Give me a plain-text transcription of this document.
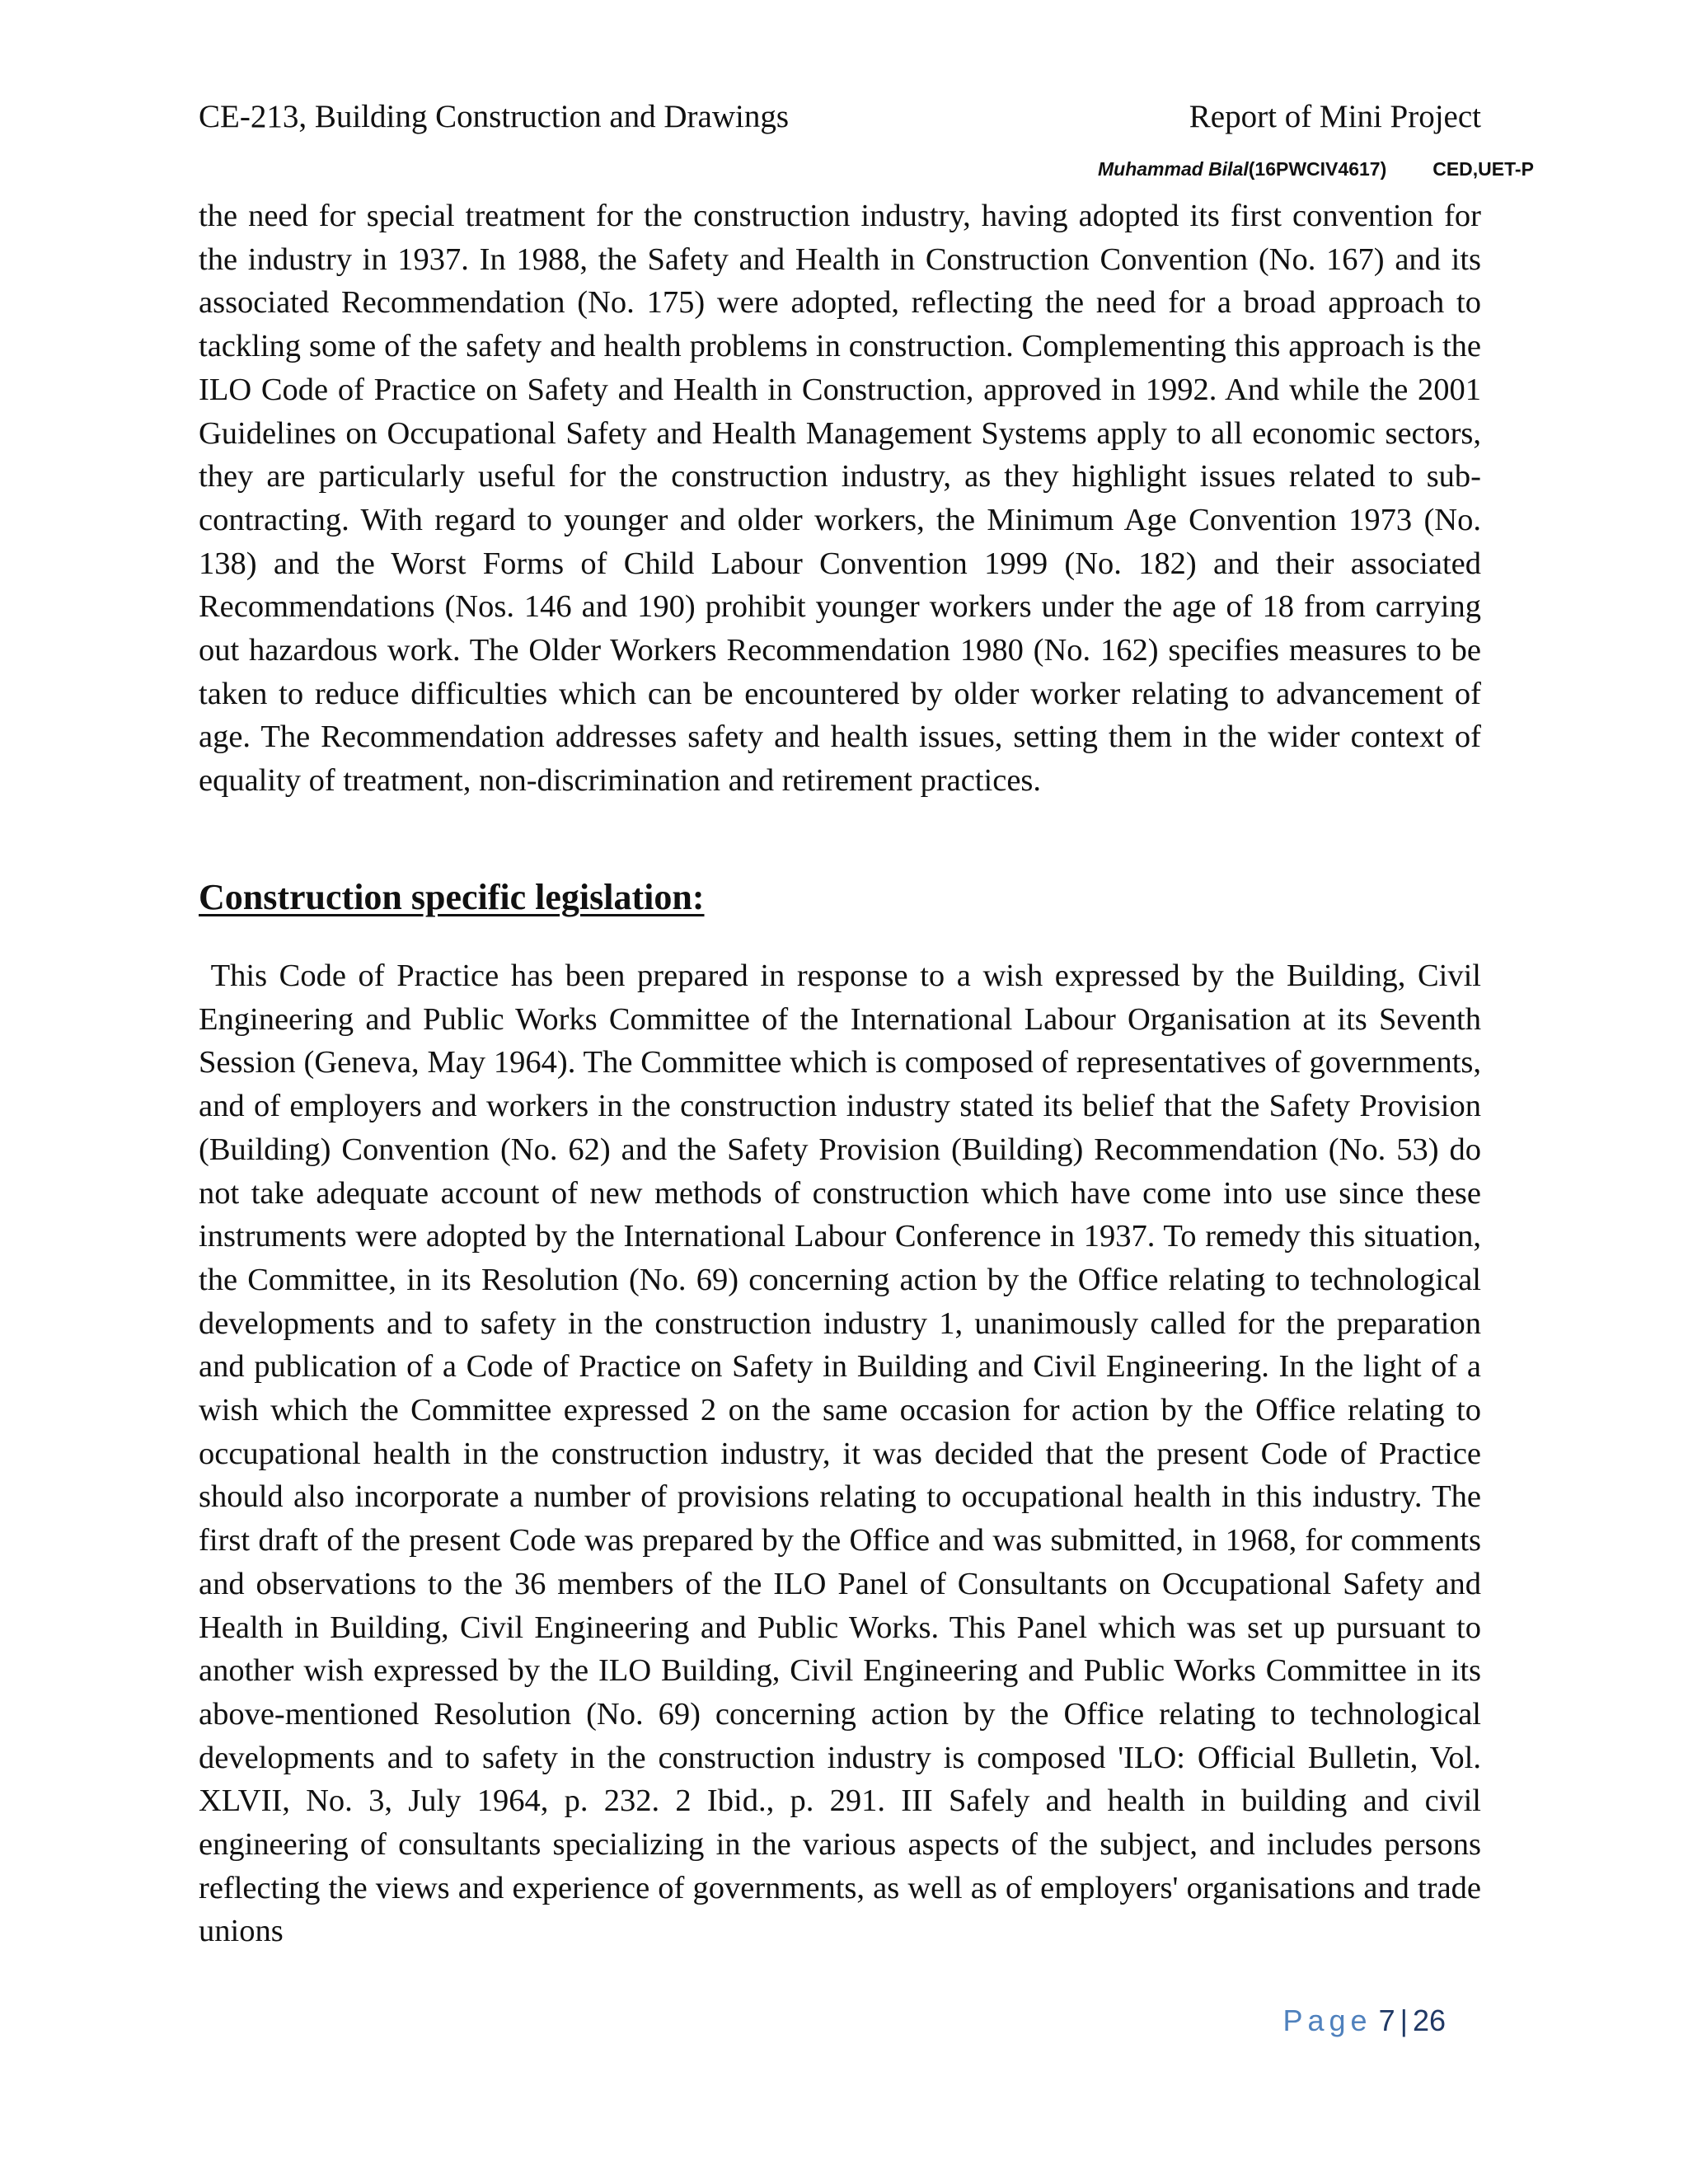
CE-213, Building Construction and Drawings	Report of Mini Project
Muhammad Bilal(16PWCIV4617) CED,UET-P

the need for special treatment for the construction industry, having adopted its first convention for the industry in 1937. In 1988, the Safety and Health in Construction Convention (No. 167) and its associated Recommendation (No. 175) were adopted, reflecting the need for a broad approach to tackling some of the safety and health problems in construction. Complementing this approach is the ILO Code of Practice on Safety and Health in Construction, approved in 1992. And while the 2001 Guidelines on Occupational Safety and Health Management Systems apply to all economic sectors, they are particularly useful for the construction industry, as they highlight issues related to sub-contracting. With regard to younger and older workers, the Minimum Age Convention 1973 (No. 138) and the Worst Forms of Child Labour Convention 1999 (No. 182) and their associated Recommendations (Nos. 146 and 190) prohibit younger workers under the age of 18 from carrying out hazardous work. The Older Workers Recommendation 1980 (No. 162) specifies measures to be taken to reduce difficulties which can be encountered by older worker relating to advancement of age. The Recommendation addresses safety and health issues, setting them in the wider context of equality of treatment, non-discrimination and retirement practices.

Construction specific legislation:

This Code of Practice has been prepared in response to a wish expressed by the Building, Civil Engineering and Public Works Committee of the International Labour Organisation at its Seventh Session (Geneva, May 1964). The Committee which is composed of representatives of governments, and of employers and workers in the construction industry stated its belief that the Safety Provision (Building) Convention (No. 62) and the Safety Provision (Building) Recommendation (No. 53) do not take adequate account of new methods of construction which have come into use since these instruments were adopted by the International Labour Conference in 1937. To remedy this situation, the Committee, in its Resolution (No. 69) concerning action by the Office relating to technological developments and to safety in the construction industry 1, unanimously called for the preparation and publication of a Code of Practice on Safety in Building and Civil Engineering. In the light of a wish which the Committee expressed 2 on the same occasion for action by the Office relating to occupational health in the construction industry, it was decided that the present Code of Practice should also incorporate a number of provisions relating to occupational health in this industry. The first draft of the present Code was prepared by the Office and was submitted, in 1968, for comments and observations to the 36 members of the ILO Panel of Consultants on Occupational Safety and Health in Building, Civil Engineering and Public Works. This Panel which was set up pursuant to another wish expressed by the ILO Building, Civil Engineering and Public Works Committee in its above-mentioned Resolution (No. 69) concerning action by the Office relating to technological developments and to safety in the construction industry is composed 'ILO: Official Bulletin, Vol. XLVII, No. 3, July 1964, p. 232. 2 Ibid., p. 291. III Safely and health in building and civil engineering of consultants specializing in the various aspects of the subject, and includes persons reflecting the views and experience of governments, as well as of employers' organisations and trade unions

Page 7 | 26
